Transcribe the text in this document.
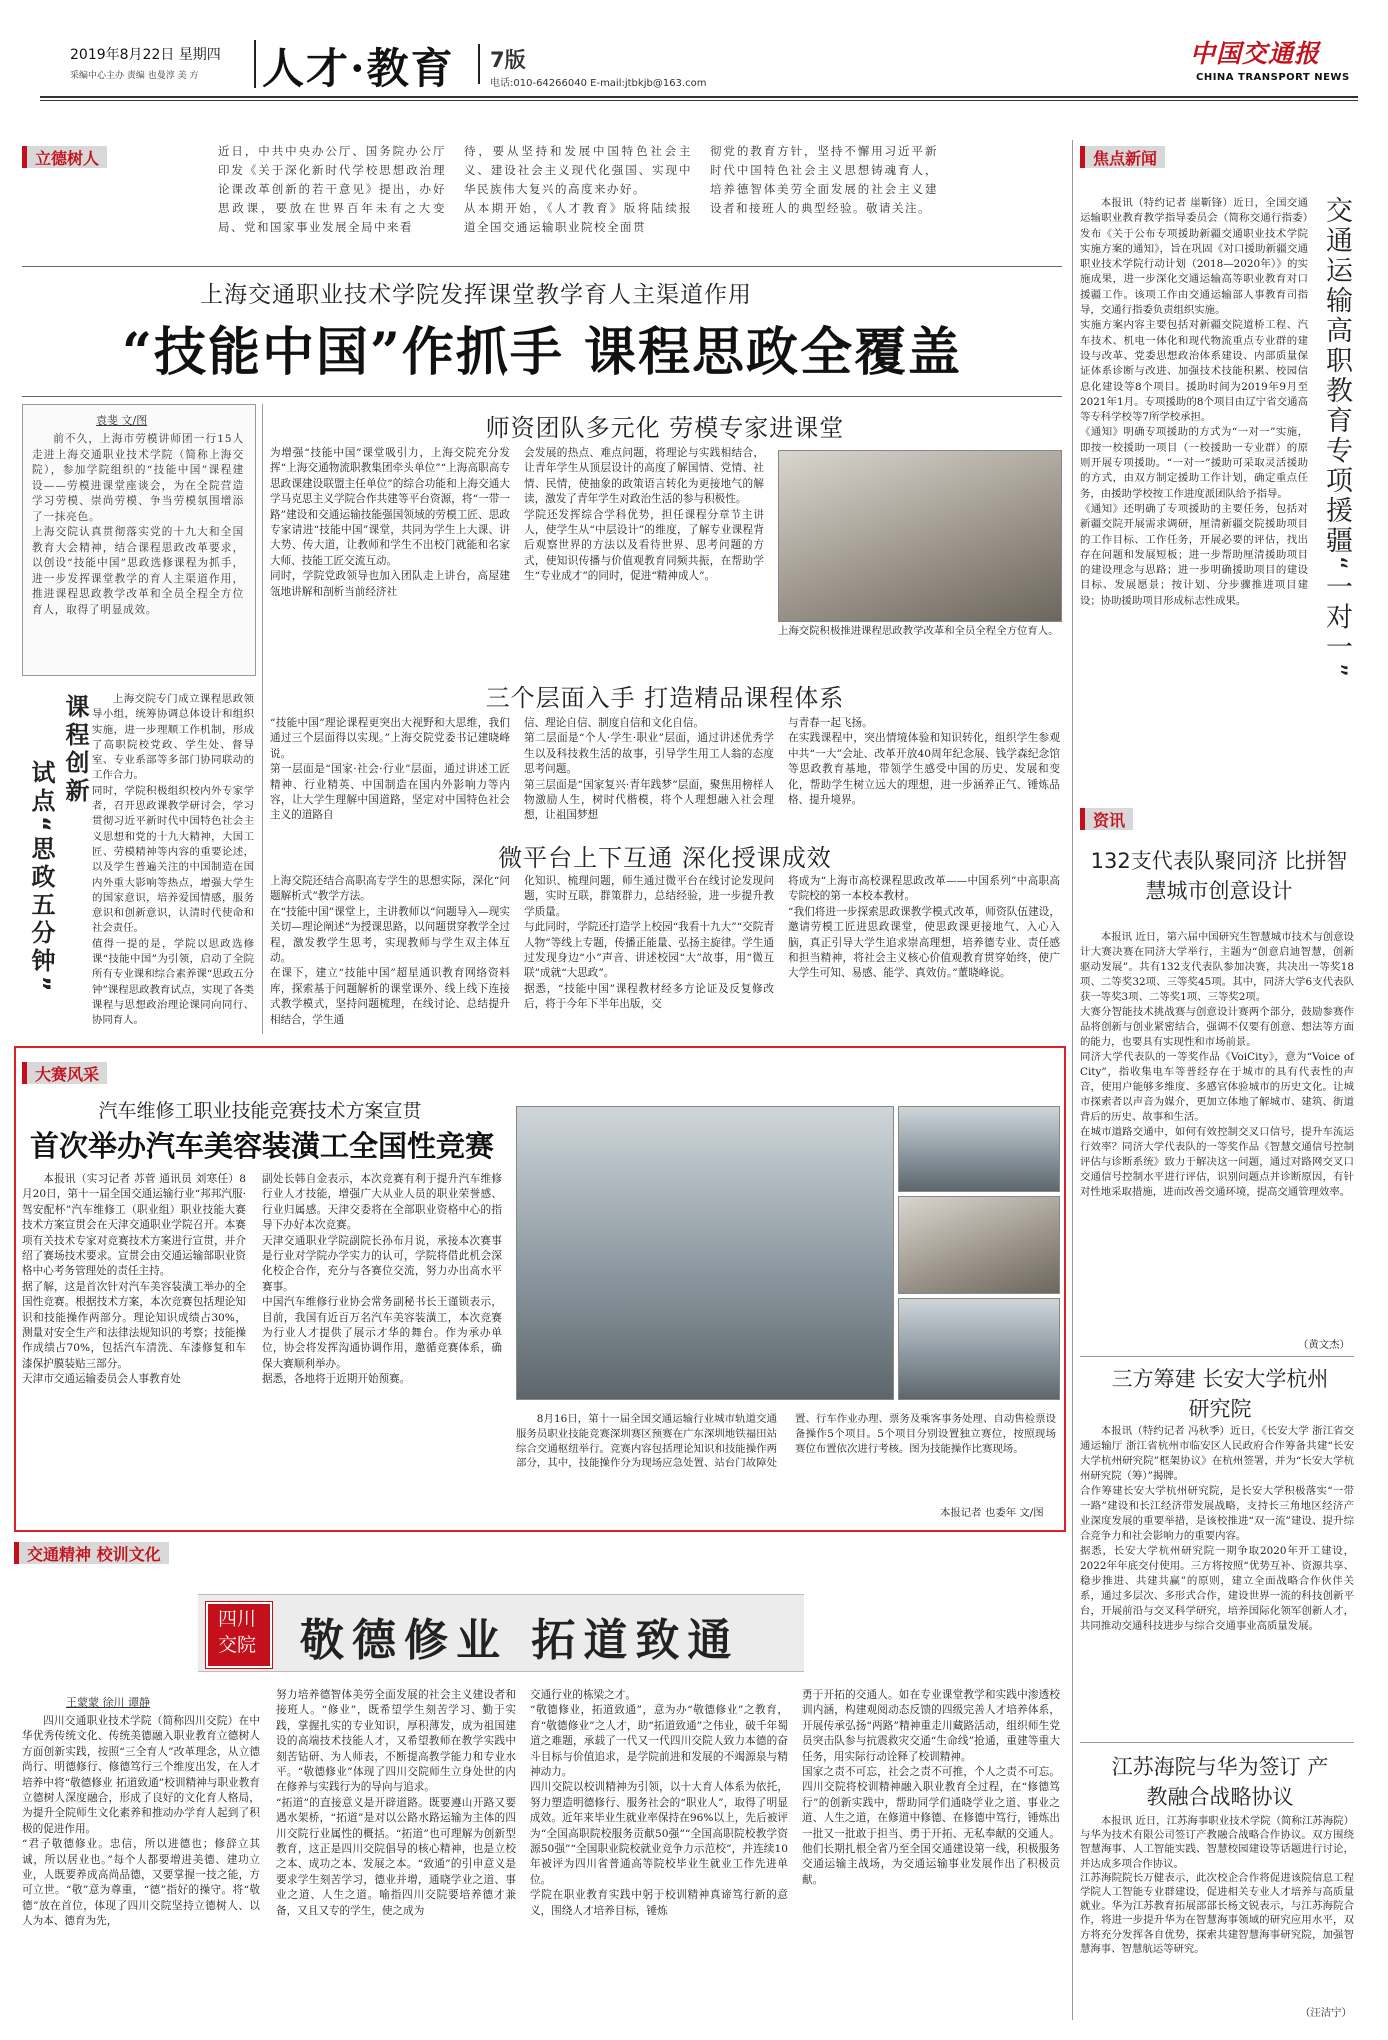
2019年8月22日 星期四
采编中心主办 责编 也曼淳 美 方 人才·教育 7版
电话:010-64266040 E-mail:jtbkjb@163.com
中国交通报
CHINA TRANSPORT NEWS
立德树人	近日，中共中央办公厅、国务院办公厅印发《关于深化新时代学校思想政治理论课改革创新的若干意见》提出，办好思政课，要放在世界百年未有之大变局、党和国家事业发展全局中来看
待，要从坚持和发展中国特色社会主义、建设社会主义现代化强国、实现中华民族伟大复兴的高度来办好。
从本期开始，《人才教育》版将陆续报道全国交通运输职业院校全面贯
彻党的教育方针，坚持不懈用习近平新时代中国特色社会主义思想铸魂育人，培养德智体美劳全面发展的社会主义建设者和接班人的典型经验。敬请关注。
上海交通职业技术学院发挥课堂教学育人主渠道作用
“技能中国”作抓手 课程思政全覆盖
袁斐 文/图
前不久，上海市劳模讲师团一行15人走进上海交通职业技术学院（简称上海交院），参加学院组织的“技能中国”课程建设——劳模进课堂座谈会，为在全院营造学习劳模、崇尚劳模、争当劳模氛围增添了一抹亮色。
上海交院认真贯彻落实党的十九大和全国教育大会精神，结合课程思政改革要求，以创设“技能中国”思政选修课程为抓手，进一步发挥课堂教学的育人主渠道作用，推进课程思政教学改革和全员全程全方位育人，取得了明显成效。
师资团队多元化 劳模专家进课堂
为增强“技能中国”课堂吸引力，上海交院充分发挥“上海交通物流职教集团牵头单位”“上海高职高专思政课建设联盟主任单位”的综合功能和上海交通大学马克思主义学院合作共建等平台资源，将“一带一路”建设和交通运输技能强国领域的劳模工匠、思政专家请进“技能中国”课堂，共同为学生上大课、讲大势、传大道，让教师和学生不出校门就能和名家大师、技能工匠交流互动。
同时，学院党政领导也加入团队走上讲台，高屋建瓴地讲解和剖析当前经济社
会发展的热点、难点问题，将理论与实践相结合，让青年学生从顶层设计的高度了解国情、党情、社情、民情，使抽象的政策语言转化为更接地气的解读，激发了青年学生对政治生活的参与积极性。
学院还发挥综合学科优势，担任课程分章节主讲人，使学生从“中层设计”的维度，了解专业课程背后观察世界的方法以及看待世界、思考问题的方式，使知识传播与价值观教育同频共振，在帮助学生“专业成才”的同时，促进“精神成人”。
上海交院积极推进课程思政教学改革和全员全程全方位育人。
课程创新
试点“思政五分钟”
上海交院专门成立课程思政领导小组，统筹协调总体设计和组织实施，进一步理顺工作机制，形成了高职院校党政、学生处、督导室、专业系部等多部门协同联动的工作合力。
同时，学院积极组织校内外专家学者，召开思政课教学研讨会，学习贯彻习近平新时代中国特色社会主义思想和党的十九大精神，大国工匠、劳模精神等内容的重要论述，以及学生普遍关注的中国制造在国内外重大影响等热点，增强大学生的国家意识，培养爱国情感，服务意识和创新意识，认清时代使命和社会责任。
值得一提的是，学院以思政选修课“技能中国”为引领，启动了全院所有专业课和综合素养课“思政五分钟”课程思政教育试点，实现了各类课程与思想政治理论课同向同行、协同育人。
三个层面入手 打造精品课程体系
“技能中国”理论课程更突出大视野和大思维，我们通过三个层面得以实现。”上海交院党委书记建晓峰说。
第一层面是“国家·社会·行业”层面，通过讲述工匠精神、行业精英、中国制造在国内外影响力等内容，让大学生理解中国道路，坚定对中国特色社会主义的道路自
信、理论自信、制度自信和文化自信。
第二层面是“个人·学生·职业”层面，通过讲述优秀学生以及科技救生活的故事，引导学生用工人翁的态度思考问题。
第三层面是“国家复兴·青年践梦”层面，聚焦用榜样人物激励人生，树时代楷模，将个人理想融入社会理想，让祖国梦想
与青春一起飞扬。
在实践课程中，突出情境体验和知识转化，组织学生参观中共“一大”会址、改革开放40周年纪念展、钱学森纪念馆等思政教育基地，带领学生感受中国的历史、发展和变化，帮助学生树立远大的理想，进一步涵养正气、锤炼品格、提升境界。
微平台上下互通 深化授课成效
上海交院还结合高职高专学生的思想实际，深化“问题解析式”教学方法。
在“技能中国”课堂上，主讲教师以“问题导入—现实关切—理论阐述”为授课思路，以问题贯穿教学全过程，激发教学生思考，实现教师与学生双主体互动。
在课下，建立“技能中国”超星通识教育网络资料库，探索基于问题解析的课堂课外、线上线下连接式教学模式，坚持问题梳理，在线讨论、总结提升相结合，学生通
化知识、梳理问题，师生通过微平台在线讨论发现问题，实时互联，群策群力，总结经验，进一步提升教学质量。
与此同时，学院还打造学上校园“我看十九大”“交院青人物”等线上专题，传播正能量、弘扬主旋律。学生通过发现身边“小”声音、讲述校园“大”故事，用“微互联”成就“大思政”。
据悉，“技能中国”课程教材经多方论证及反复修改后，将于今年下半年出版，交
将成为“上海市高校课程思政改革——中国系列”中高职高专院校的第一本校本教材。
“我们将进一步探索思政课教学模式改革，师资队伍建设，邀请劳模工匠进思政课堂，使思政课更接地气、入心入脑，真正引导大学生追求崇高理想，培养德专业、责任感和担当精神，将社会主义核心价值观教育贯穿始终，使广大学生可知、易感、能学、真效仿。”董晓峰说。
大赛风采
汽车维修工职业技能竞赛技术方案宣贯
首次举办汽车美容装潢工全国性竞赛
本报讯（实习记者 苏菅 通讯员 刘寒任）8月20日，第十一届全国交通运输行业“邦邦汽服·驾安配杯”汽车维修工（职业组）职业技能大赛技术方案宣贯会在天津交通职业学院召开。本赛项有关技术专家对竞赛技术方案进行宣贯，并介绍了赛场技术要求。宣贯会由交通运输部职业资格中心考务管理处的责任主持。
据了解，这是首次针对汽车美容装潢工举办的全国性竞赛。根据技术方案，本次竞赛包括理论知识和技能操作两部分。理论知识成绩占30%，测量对安全生产和法律法规知识的考察；技能操作成绩占70%，包括汽车清洗、车漆修复和车漆保护膜装贴三部分。
天津市交通运输委员会人事教育处
副处长韩自金表示，本次竞赛有利于提升汽车维修行业人才技能，增强广大从业人员的职业荣誉感、行业归属感。天津交委将在全部职业资格中心的指导下办好本次竞赛。
天津交通职业学院副院长孙布月说，承接本次赛事是行业对学院办学实力的认可，学院将借此机会深化校企合作，充分与各赛位交流，努力办出高水平赛事。
中国汽车维修行业协会常务副秘书长王谨锁表示，目前，我国有近百万名汽车美容装潢工，本次竞赛为行业人才提供了展示才华的舞台。作为承办单位，协会将发挥沟通协调作用，邀循竞赛体系，确保大赛顺利举办。
据悉，各地将于近期开始预赛。
8月16日，第十一届全国交通运输行业城市轨道交通服务员职业技能竞赛深圳赛区预赛在广东深圳地铁福田站综合交通枢纽举行。竞赛内容包括理论知识和技能操作两部分，其中，技能操作分为现场应急处置、站台门故障处置、行车作业办理、票务及乘客事务处理、自动售检票设备操作5个项目。5个项目分别设置独立赛位，按照现场赛位布置依次进行考核。图为技能操作比赛现场。
本报记者 也委年 文/图
交通精神 校训文化
四川交院 敬德修业 拓道致通
王蒙蒙 徐川 谭静
四川交通职业技术学院（简称四川交院）在中华优秀传统文化、传统美德融入职业教育立德树人方面创新实践，按照“三全育人”改革理念，从立德尚行、明德修行、修德笃行三个维度出发，在人才培养中将“敬德修业 拓道致通”校训精神与职业教育立德树人深度融合，形成了良好的文化育人格局，为提升全院师生文化素养和推动办学育人起到了积极的促进作用。
“君子敬德修业。忠信，所以进德也；修辞立其诚，所以居业也。”每个人都要增进美德、建功立业，人既要养成高尚品德，又要掌握一技之能，方可立世。“敬”意为尊重，“德”指好的操守。将“敬德”放在首位，体现了四川交院坚持立德树人、以人为本、德育为先，
努力培养德智体美劳全面发展的社会主义建设者和接班人。“修业”，既希望学生刻苦学习、勤于实践，掌握扎实的专业知识，厚积薄发，成为祖国建设的高端技术技能人才，又希望教师在教学实践中刻苦钻研、为人师表，不断提高教学能力和专业水平。“敬德修业”体现了四川交院师生立身处世的内在修养与实践行为的导向与追求。
“拓道”的直接意义是开辟道路。既要遵山开路又要遇水架桥，“拓道”是对以公路水路运输为主体的四川交院行业属性的概括。“拓道”也可理解为创新型教育，这正是四川交院倡导的核心精神，也是立校之本、成功之本、发展之本。“致通”的引申意义是要求学生刻苦学习，德业并增，通晓学业之道、事业之道、人生之道。喻指四川交院要培养德才兼备，又且又专的学生，使之成为
交通行业的栋梁之才。
“敬德修业，拓道致通”，意为办“敬德修业”之教育，育“敬德修业”之人才，助“拓道致通”之伟业，破千年蜀道之难题，承载了一代又一代四川交院人致力本德的奋斗目标与价值追求，是学院前进和发展的不竭源泉与精神动力。
四川交院以校训精神为引领，以十大育人体系为依托，努力塑造明德修行、服务社会的“职业人”，取得了明显成效。近年来毕业生就业率保持在96%以上，先后被评为“全国高职院校服务贡献50强”“全国高职院校教学资源50强”“全国职业院校就业竞争力示范校”，并连续10年被评为四川省普通高等院校毕业生就业工作先进单位。
学院在职业教育实践中躬于校训精神真谛笃行新的意义，围绕人才培养目标，锤炼
勇于开拓的交通人。如在专业课堂教学和实践中渗透校训内涵，构建观阅动态反馈的四级完善人才培养体系，开展传承弘扬“两路”精神重走川藏路活动，组织师生党员突击队参与抗震救灾交通“生命线”抢通，重建等重大任务，用实际行动诠释了校训精神。
国家之责不可忘，社会之责不可推，个人之责不可忘。四川交院将校训精神融入职业教育全过程，在“修德笃行”的创新实践中，帮助同学们通晓学业之道、事业之道、人生之道，在修道中修德、在修德中笃行，锤炼出一批又一批敢于担当、勇于开拓、无私奉献的交通人。他们长期扎根全省乃至全国交通建设第一线，积极服务交通运输主战场，为交通运输事业发展作出了积极贡献。
焦点新闻
交通运输高职教育专项援疆“一对一”
本报讯（特约记者 崖靳锋）近日，全国交通运输职业教育教学指导委员会（简称交通行指委）发布《关于公布专项援助新疆交通职业技术学院实施方案的通知》，旨在巩固《对口援助新疆交通职业技术学院行动计划（2018—2020年）》的实施成果，进一步深化交通运输高等职业教育对口援疆工作。该项工作由交通运输部人事教育司指导，交通行指委负责组织实施。
实施方案内容主要包括对新疆交院道桥工程、汽车技术、机电一体化和现代物流重点专业群的建设与改革、党委思想政治体系建设、内部质量保证体系诊断与改进、加强技术技能积累、校园信息化建设等8个项目。援助时间为2019年9月至2021年1月。专项援助的8个项目由辽宁省交通高等专科学校等7所学校承担。
《通知》明确专项援助的方式为“一对一”实施，即按一校援助一项目（一校援助一专业群）的原则开展专项援助。“一对一”援助可采取灵活援助的方式，由双方制定援助工作计划，确定重点任务，由援助学校按工作进度派团队给予指导。
《通知》还明确了专项援助的主要任务，包括对新疆交院开展需求调研，厘清新疆交院援助项目的工作目标、工作任务，开展必要的评估，找出存在问题和发展短板；进一步帮助厘清援助项目的建设理念与思路；进一步明确援助项目的建设目标、发展愿景；按计划、分步骤推进项目建设；协助援助项目形成标志性成果。
资讯
132支代表队聚同济 比拼智慧城市创意设计
本报讯 近日，第六届中国研究生智慧城市技术与创意设计大赛决赛在同济大学举行，主题为“创意启迪智慧，创新驱动发展”。共有132支代表队参加决赛，共决出一等奖18项、二等奖32项、三等奖45项。其中，同济大学6支代表队获一等奖3项、二等奖1项、三等奖2项。
大赛分智能技术挑战赛与创意设计赛两个部分，鼓励参赛作品将创新与创业紧密结合，强调不仅要有创意、想法等方面的能力，也要具有实现性和市场前景。
同济大学代表队的一等奖作品《VoiCity》，意为“Voice of City”，指收集电车等普经存在于城市的具有代表性的声音，使用户能够多维度、多感官体验城市的历史文化。让城市探索者以声音为媒介，更加立体地了解城市、建筑、街道背后的历史、故事和生活。
在城市道路交通中，如何有效控制交叉口信号，提升车流运行效率？同济大学代表队的一等奖作品《智慧交通信号控制评估与诊断系统》致力于解决这一问题，通过对路网交叉口交通信号控制水平进行评估，识别问题点并诊断原因，有针对性地采取措施，进而改善交通环境，提高交通管理效率。
（黄文杰）
三方筹建 长安大学杭州研究院
本报讯（特约记者 冯秋季）近日，《长安大学 浙江省交通运输厅 浙江省杭州市临安区人民政府合作筹备共建“长安大学杭州研究院”框架协议》在杭州签署，并为“长安大学杭州研究院（筹）”揭牌。
合作筹建长安大学杭州研究院，是长安大学积极落实“一带一路”建设和长江经济带发展战略，支持长三角地区经济产业深度发展的重要举措，是该校推进“双一流”建设、提升综合竞争力和社会影响力的重要内容。
据悉，长安大学杭州研究院一期争取2020年开工建设，2022年年底交付使用。三方将按照“优势互补、资源共享、稳步推进、共建共赢”的原则，建立全面战略合作伙伴关系，通过多层次、多形式合作，建设世界一流的科技创新平台，开展前沿与交叉科学研究，培养国际化领军创新人才，共同推动交通科技进步与综合交通事业高质量发展。
江苏海院与华为签订 产教融合战略协议
本报讯 近日，江苏海事职业技术学院（简称江苏海院）与华为技术有限公司签订产教融合战略合作协议。双方围绕智慧海事、人工智能实践、智慧校园建设等话题进行讨论，并达成多项合作协议。
江苏海院院长万健表示，此次校企合作将促进该院信息工程学院人工智能专业群建设，促进相关专业人才培养与高质量就业。华为江苏教育拓展部部长杨文锐表示，与江苏海院合作，将进一步提升华为在智慧海事领域的研究应用水平，双方将充分发挥各自优势，探索共建智慧海事研究院，加强智慧海事、智慧航运等研究。
（汪洁宁）
